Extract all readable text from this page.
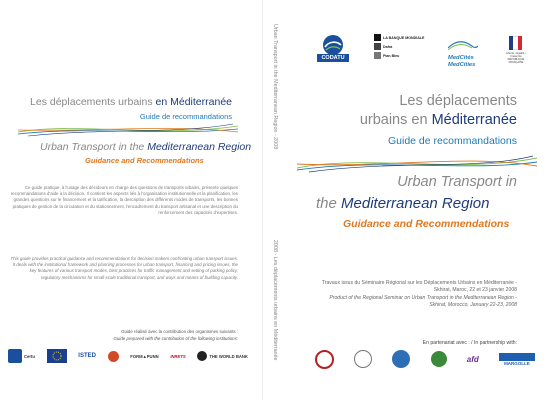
Les déplacements urbains en Méditerranée
Guide de recommandations
Urban Transport in the Mediterranean Region
Guidance and Recommendations
Ce guide pratique, à l'usage des décideurs en charge des questions de transports urbains, présente quelques recommandations d'aide à la décision. Il contient les aspects liés à l'organisation institutionnelle et la planification, les grandes questions sur le financement et la tarification, la description des différents modes de transports, les bonnes pratiques de gestion de la circulation et du stationnement, l'encadrement du transport artisanal et une description du renforcement des capacités d'expertises.
This guide provides practical guidance and recommendations for decision makers confronting urban transport issues. It deals with the institutional framework and planning processes for urban transport, financing and pricing issues, the key features of various transport modes, best practices for traffic management and setting of parking policy, regulatory mechanisms for small-scale traditional transport, and ways and means of building capacity.
Guide réalisé avec la contribution des organismes suivants :
Guide prepared with the contribution of the following institutions:
Certu	ISTED	FORM▲PUNN	INRETS	THE WORLD BANK
Urban Transport in the Mediterranean Region - 2008
2008 - Les déplacements urbains en Méditerranée
CODATU
LA BANQUE MONDIALE
Dafra
Plan Bleu	MedCités
MedCities
Liberté • Égalité • Fraternité RÉPUBLIQUE FRANÇAISE
Les déplacements
urbains en Méditerranée
Guide de recommandations
Urban Transport in
the Mediterranean Region
Guidance and Recommendations
Travaux issus du Séminaire Régional sur les Déplacements Urbains en Méditerranée - Skhirat, Maroc, 22 et 23 janvier 2008
Product of the Regional Seminar on Urban Transport in the Mediterranean Region - Skhirat, Morocco, January 22-23, 2008
En partenariat avec : / In partnership with:
afd	MARGOLLE
